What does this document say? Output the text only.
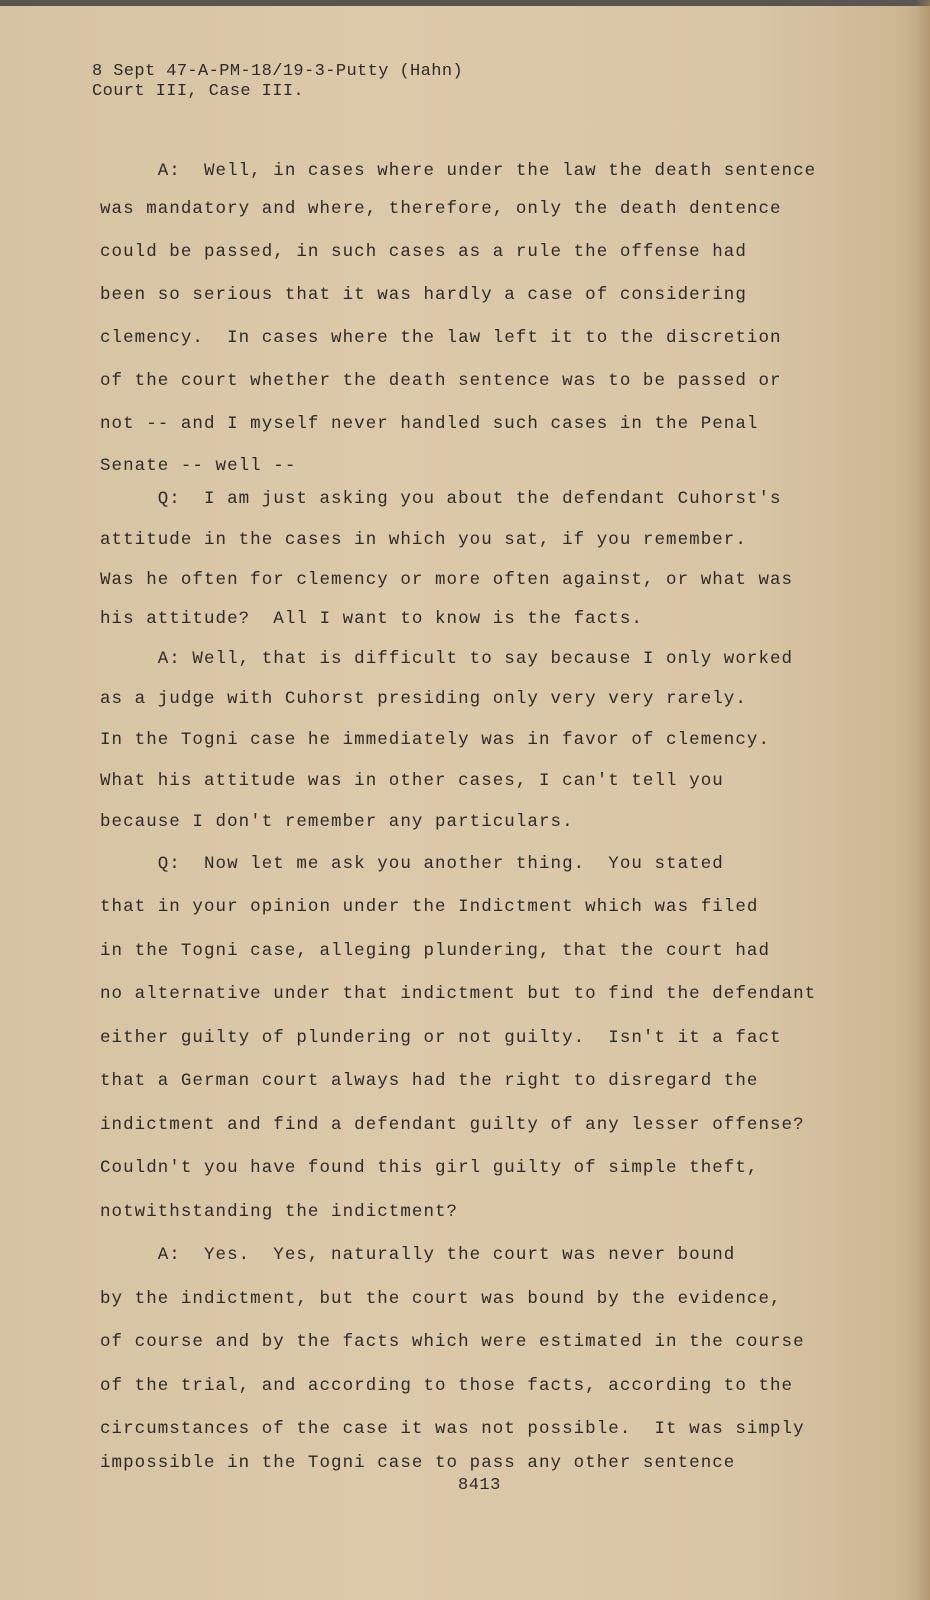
8 Sept 47-A-PM-18/19-3-Putty (Hahn)
Court III, Case III.
A:  Well, in cases where under the law the death sentence
was mandatory and where, therefore, only the death dentence
could be passed, in such cases as a rule the offense had
been so serious that it was hardly a case of considering
clemency.  In cases where the law left it to the discretion
of the court whether the death sentence was to be passed or
not -- and I myself never handled such cases in the Penal
Senate -- well --
Q:  I am just asking you about the defendant Cuhorst's
attitude in the cases in which you sat, if you remember.
Was he often for clemency or more often against, or what was
his attitude?  All I want to know is the facts.
A: Well, that is difficult to say because I only worked
as a judge with Cuhorst presiding only very very rarely.
In the Togni case he immediately was in favor of clemency.
What his attitude was in other cases, I can't tell you
because I don't remember any particulars.
Q:  Now let me ask you another thing.  You stated
that in your opinion under the Indictment which was filed
in the Togni case, alleging plundering, that the court had
no alternative under that indictment but to find the defendant
either guilty of plundering or not guilty.  Isn't it a fact
that a German court always had the right to disregard the
indictment and find a defendant guilty of any lesser offense?
Couldn't you have found this girl guilty of simple theft,
notwithstanding the indictment?
A:  Yes.  Yes, naturally the court was never bound
by the indictment, but the court was bound by the evidence,
of course and by the facts which were estimated in the course
of the trial, and according to those facts, according to the
circumstances of the case it was not possible.  It was simply
impossible in the Togni case to pass any other sentence
8413
